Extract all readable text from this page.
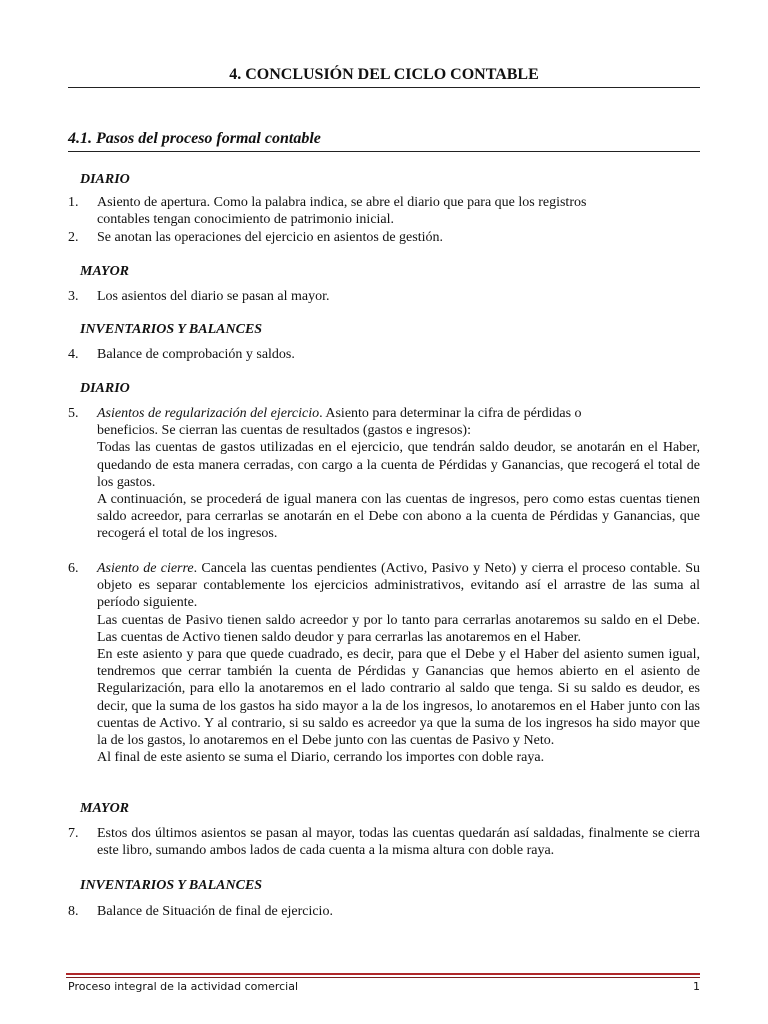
4. CONCLUSIÓN DEL CICLO CONTABLE
4.1. Pasos del proceso formal contable
DIARIO
1. Asiento de apertura. Como la palabra indica, se abre el diario que para que los registros

contables tengan conocimiento de patrimonio inicial.

2. Se anotan las operaciones del ejercicio en asientos de gestión.

MAYOR
3. Los asientos del diario se pasan al mayor.

INVENTARIOS Y BALANCES
4. Balance de comprobación y saldos.

DIARIO
5. Asientos de regularización del ejercicio. Asiento para determinar la cifra de pérdidas o

beneficios. Se cierran las cuentas de resultados (gastos e ingresos):

Todas las cuentas de gastos utilizadas en el ejercicio, que tendrán saldo deudor, se anotarán en el Haber, quedando de esta manera cerradas, con cargo a la cuenta de Pérdidas y Ganancias, que recogerá el total de los gastos.

A continuación, se procederá de igual manera con las cuentas de ingresos, pero como estas cuentas tienen saldo acreedor, para cerrarlas se anotarán en el Debe con abono a la cuenta de Pérdidas y Ganancias, que recogerá el total de los ingresos.

6. Asiento de cierre. Cancela las cuentas pendientes (Activo, Pasivo y Neto) y cierra el proceso contable. Su objeto es separar contablemente los ejercicios administrativos, evitando así el arrastre de las suma al período siguiente.

Las cuentas de Pasivo tienen saldo acreedor y por lo tanto para cerrarlas anotaremos su saldo en el Debe. Las cuentas de Activo tienen saldo deudor y para cerrarlas las anotaremos en el Haber.

En este asiento y para que quede cuadrado, es decir, para que el Debe y el Haber del asiento sumen igual, tendremos que cerrar también la cuenta de Pérdidas y Ganancias que hemos abierto en el asiento de Regularización, para ello la anotaremos en el lado contrario al saldo que tenga. Si su saldo es deudor, es decir, que la suma de los gastos ha sido mayor a la de los ingresos, lo anotaremos en el Haber junto con las cuentas de Activo. Y al contrario, si su saldo es acreedor ya que la suma de los ingresos ha sido mayor que la de los gastos, lo anotaremos en el Debe junto con las cuentas de Pasivo y Neto.

Al final de este asiento se suma el Diario, cerrando los importes con doble raya.

MAYOR
7. Estos dos últimos asientos se pasan al mayor, todas las cuentas quedarán así saldadas, finalmente se cierra este libro, sumando ambos lados de cada cuenta a la misma altura con doble raya.

INVENTARIOS Y BALANCES
8. Balance de Situación de final de ejercicio.

Proceso integral de la actividad comercial	1
